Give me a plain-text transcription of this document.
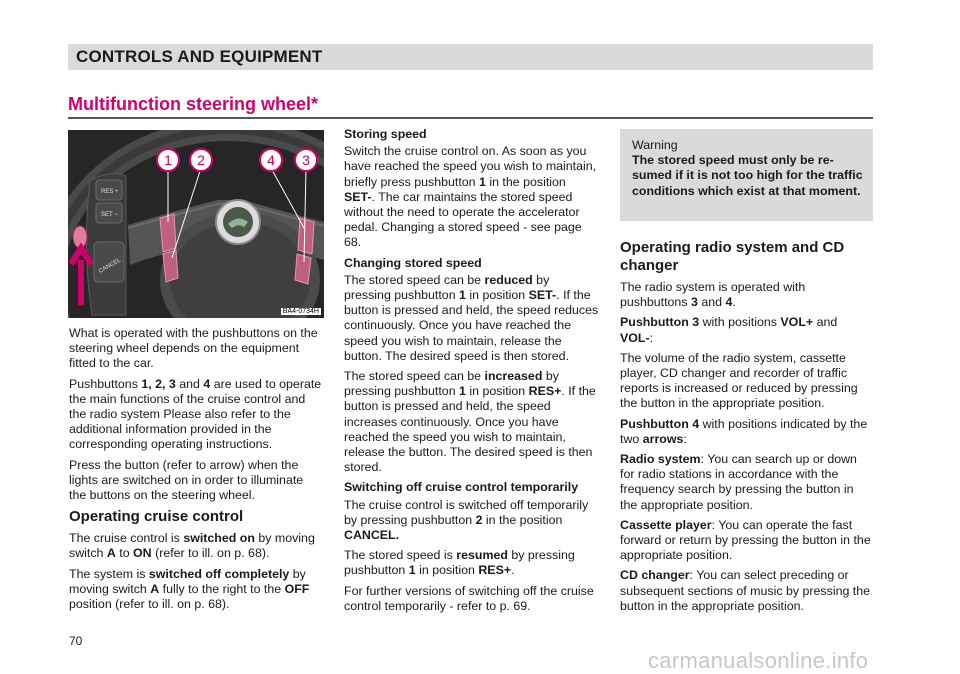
CONTROLS AND EQUIPMENT
Multifunction steering wheel*
RES +
SET −
CANCEL
1 2	4 3
BA4-0734H

What is operated with the pushbuttons on the steering wheel depends on the equipment fitted to the car.

Pushbuttons 1, 2, 3 and 4 are used to operate the main functions of the cruise control and the radio system Please also refer to the additional information provided in the corresponding operating instructions.

Press the button (refer to arrow) when the lights are switched on in order to illuminate the buttons on the steering wheel.

Operating cruise control

The cruise control is switched on by moving switch A to ON (refer to ill. on p. 68).

The system is switched off completely by moving switch A fully to the right to the OFF position (refer to ill. on p. 68).

Storing speed

Switch the cruise control on. As soon as you have reached the speed you wish to maintain, briefly press pushbutton 1 in the position SET-. The car maintains the stored speed without the need to operate the accelerator pedal. Changing a stored speed - see page 68.

Changing stored speed

The stored speed can be reduced by pressing pushbutton 1 in position SET-. If the button is pressed and held, the speed reduces continuously. Once you have reached the speed you wish to maintain, release the button. The desired speed is then stored.

The stored speed can be increased by pressing pushbutton 1 in position RES+. If the button is pressed and held, the speed increases continuously. Once you have reached the speed you wish to maintain, release the button. The desired speed is then stored.

Switching off cruise control temporarily

The cruise control is switched off temporarily by pressing pushbutton 2 in the position CANCEL.

The stored speed is resumed by pressing pushbutton 1 in position RES+.

For further versions of switching off the cruise control temporarily - refer to p. 69.

Warning
The stored speed must only be re-sumed if it is not too high for the traffic conditions which exist at that moment.
Operating radio system and CD changer

The radio system is operated with pushbuttons 3 and 4.

Pushbutton 3 with positions VOL+ and VOL-:

The volume of the radio system, cassette player, CD changer and recorder of traffic reports is increased or reduced by pressing the button in the appropriate position.

Pushbutton 4 with positions indicated by the two arrows:

Radio system: You can search up or down for radio stations in accordance with the frequency search by pressing the button in the appropriate position.

Cassette player: You can operate the fast forward or return by pressing the button in the appropriate position.

CD changer: You can select preceding or subsequent sections of music by pressing the button in the appropriate position.

70
carmanualsonline.info
